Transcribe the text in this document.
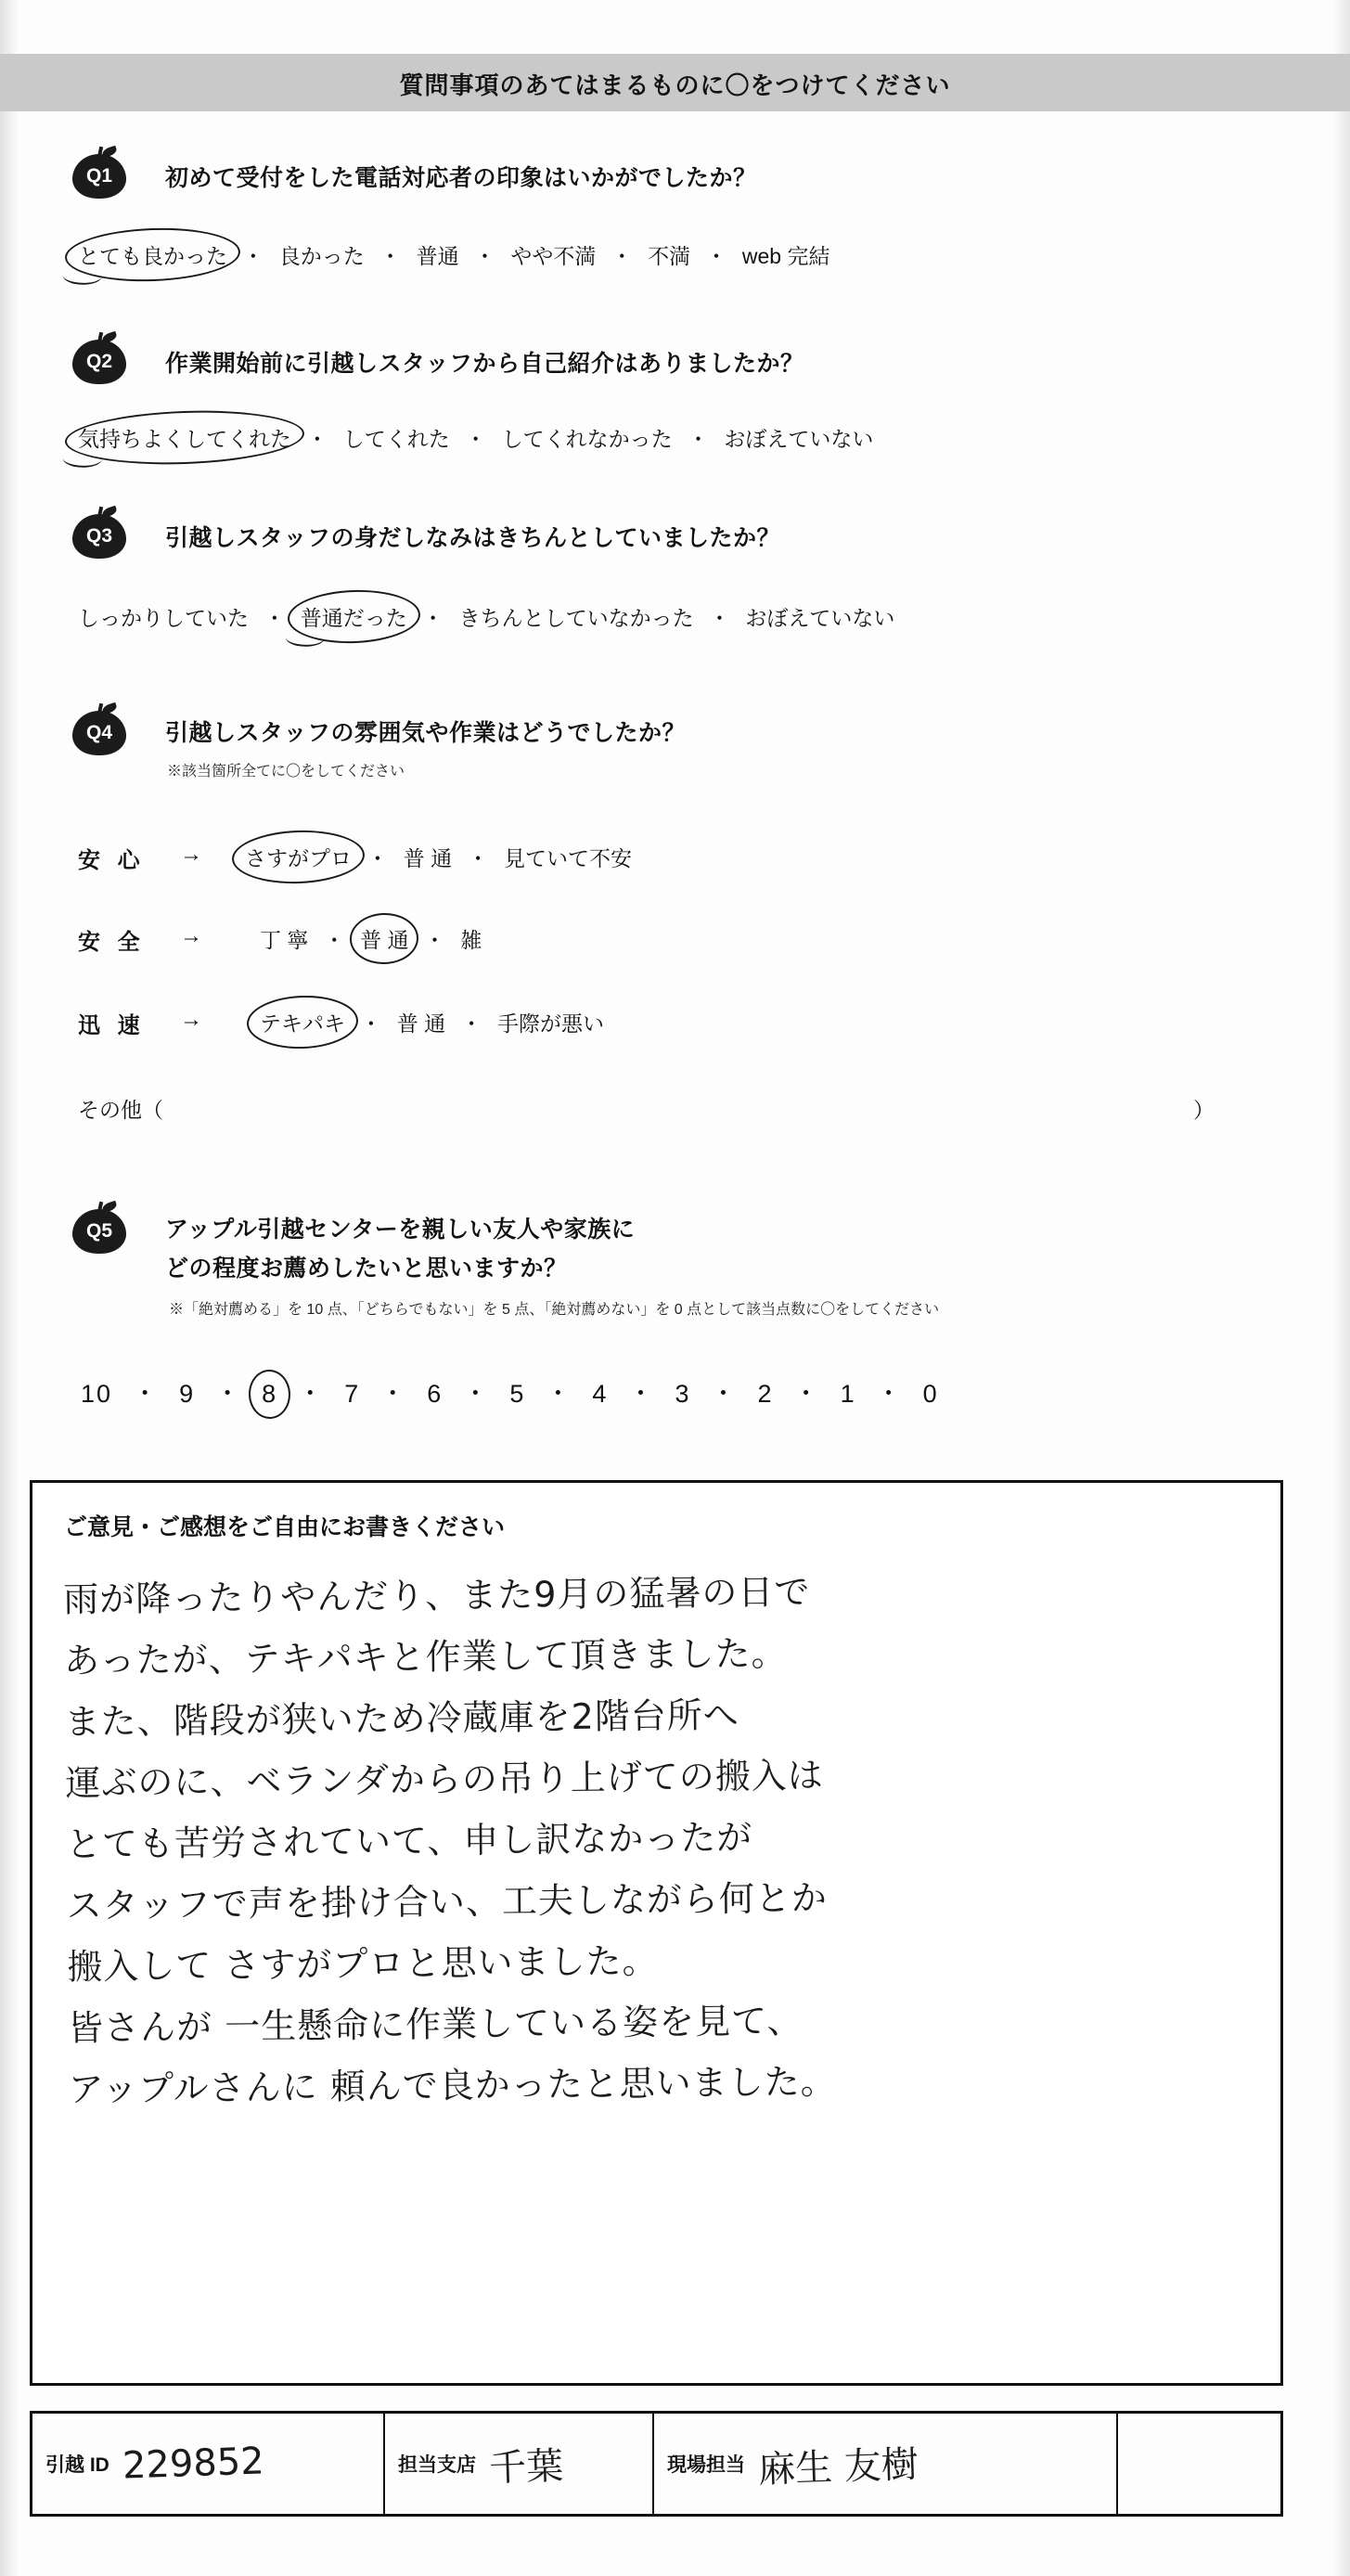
質問事項のあてはまるものに〇をつけてください
Q1	初めて受付をした電話対応者の印象はいかがでしたか？
とても良かった ・ 良かった ・ 普通 ・ やや不満 ・ 不満 ・ web 完結
Q2	作業開始前に引越しスタッフから自己紹介はありましたか？
気持ちよくしてくれた ・ してくれた ・ してくれなかった ・ おぼえていない
Q3	引越しスタッフの身だしなみはきちんとしていましたか？
しっかりしていた ・ 普通だった ・ きちんとしていなかった ・ おぼえていない
Q4	引越しスタッフの雰囲気や作業はどうでしたか？
※該当箇所全てに〇をしてください
安 心 → さすがプロ ・ 普 通 ・ 見ていて不安
安 全 →	丁 寧 ・ 普 通 ・ 雑
迅 速 →	テキパキ ・ 普 通 ・ 手際が悪い
その他（	）
Q5	アップル引越センターを親しい友人や家族に
どの程度お薦めしたいと思いますか？
※「絶対薦める」を 10 点、「どちらでもない」を 5 点、「絶対薦めない」を 0 点として該当点数に〇をしてください
10 ・ 9 ・ 8 ・ 7 ・ 6 ・ 5 ・ 4 ・ 3 ・ 2 ・ 1 ・ 0
ご意見・ご感想をご自由にお書きください
雨が降ったりやんだり、また9月の猛暑の日で
あったが、テキパキと作業して頂きました。
また、階段が狭いため冷蔵庫を2階台所へ
運ぶのに、ベランダからの吊り上げての搬入は
とても苦労されていて、申し訳なかったが
スタッフで声を掛け合い、工夫しながら何とか
搬入して さすがプロと思いました。
皆さんが 一生懸命に作業している姿を見て、
アップルさんに 頼んで良かったと思いました。
引越 ID 229852	担当支店 千葉	現場担当 麻生 友樹
